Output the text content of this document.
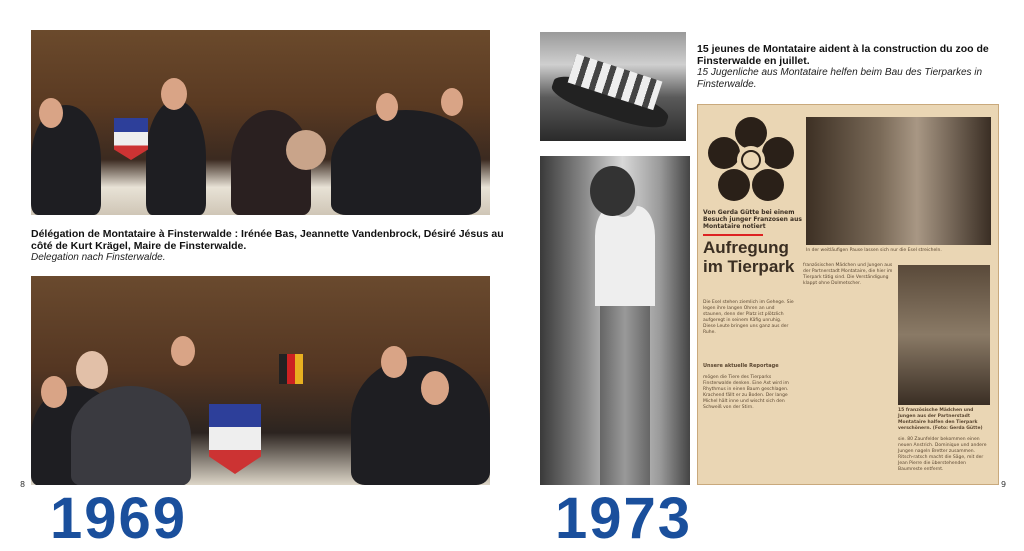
Délégation de Montataire à Finsterwalde : Irénée Bas, Jeannette Vandenbrock, Désiré Jésus au côté de Kurt Krägel, Maire de Finsterwalde.
Delegation nach Finsterwalde.
8
1969
15 jeunes de Montataire aident à la construction du zoo de Finsterwalde en juillet.
15 Jugenliche aus Montataire helfen beim Bau des Tierparkes in Finsterwalde.
In der weitläufigen Pause lassen sich nur die Esel streicheln.
Von Gerda Gütte bei einem Besuch junger Franzosen aus Montataire notiert
Aufregung im Tierpark
Die Esel stehen ziemlich im Gehege. Sie legen ihre langen Ohren an und staunen, denn der Platz ist plötzlich aufgeregt in seinem Käfig unruhig. Diese Leute bringen uns ganz aus der Ruhe.
Unsere aktuelle Reportage
mögen die Tiere des Tierparks Finsterwalde denken. Eine Axt wird im Rhythmus in einen Baum geschlagen. Krachend fällt er zu Boden. Der lange Michel hält inne und wischt sich den Schweiß von der Stirn.
französischen Mädchen und Jungen aus der Partnerstadt Montataire, die hier im Tierpark tätig sind. Die Verständigung klappt ohne Dolmetscher.
15 französische Mädchen und Jungen aus der Partnerstadt Montataire halfen den Tierpark verschönern. (Foto: Gerda Gütte)
sie. 80 Zaunfelder bekommen einen neuen Anstrich. Dominique und andere Jungen nageln Bretter zusammen. Ritsch-ratsch macht die Säge, mit der Jean Pierre die überstehenden Baumreste entfernt.
9
1973
